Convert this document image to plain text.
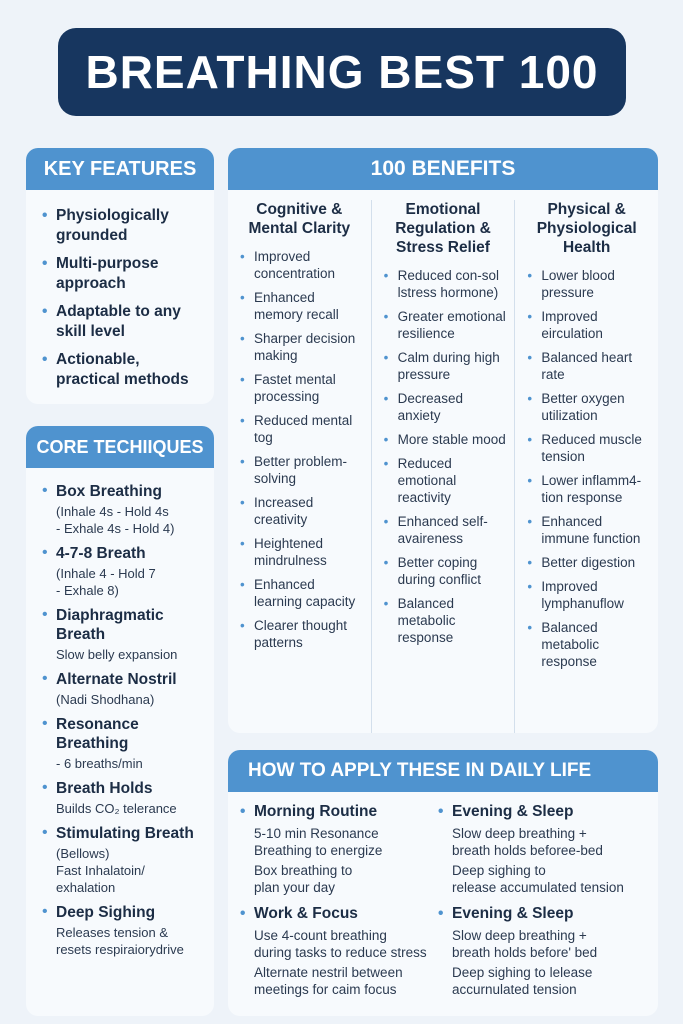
BREATHING BEST 100
KEY FEATURES
• Physiologically grounded
• Multi-purpose approach
• Adaptable to any skill level
• Actionable, practical methods
CORE TECHIIQUES
• Box Breathing
(Inhale 4s - Hold 4s
- Exhale 4s - Hold 4)
• 4-7-8 Breath
(Inhale 4 - Hold 7
- Exhale 8)
• Diaphragmatic Breath
Slow belly expansion
• Alternate Nostril
(Nadi Shodhana)
• Resonance Breathing
- 6 breaths/min
• Breath Holds
Builds CO₂ telerance
• Stimulating Breath
(Bellows)
Fast Inhalatoin/
exhalation
• Deep Sighing
Releases tension &
resets respiraiorydrive
100 BENEFITS
Cognitive &
Mental Clarity
• Improved concentration
• Enhanced memory recall
• Sharper decision making
• Fastet mental processing
• Reduced mental tog
• Better problem-solving
• Increased creativity
• Heightened mindrulness
• Enhanced learning capacity
• Clearer thought patterns
Emotional
Regulation &
Stress Relief
• Reduced con-sol lstress hormone)
• Greater emotional resilience
• Calm during high pressure
• Decreased anxiety
• More stable mood
• Reduced emotional reactivity
• Enhanced self-avaireness
• Better coping during conflict
• Balanced metabolic response
Physical &
Physiological
Health
• Lower blood pressure
• Improved eirculation
• Balanced heart rate
• Better oxygen utilization
• Reduced muscle tension
• Lower inflamm4-tion response
• Enhanced immune function
• Better digestion
• Improved lymphanuflow
• Balanced metabolic response
HOW TO APPLY THESE IN DAILY LIFE
• Morning Routine
5-10 min Resonance
Breathing to energize
Box breathing to
plan your day
• Work & Focus
Use 4-count breathing
during tasks to reduce stress
Alternate nestril between
meetings for caim focus
• Evening & Sleep
Slow deep breathing +
breath holds beforee-bed
Deep sighing to
release accumulated tension
• Evening & Sleep
Slow deep breathing +
breath holds before' bed
Deep sighing to lelease
accurnulated tension
